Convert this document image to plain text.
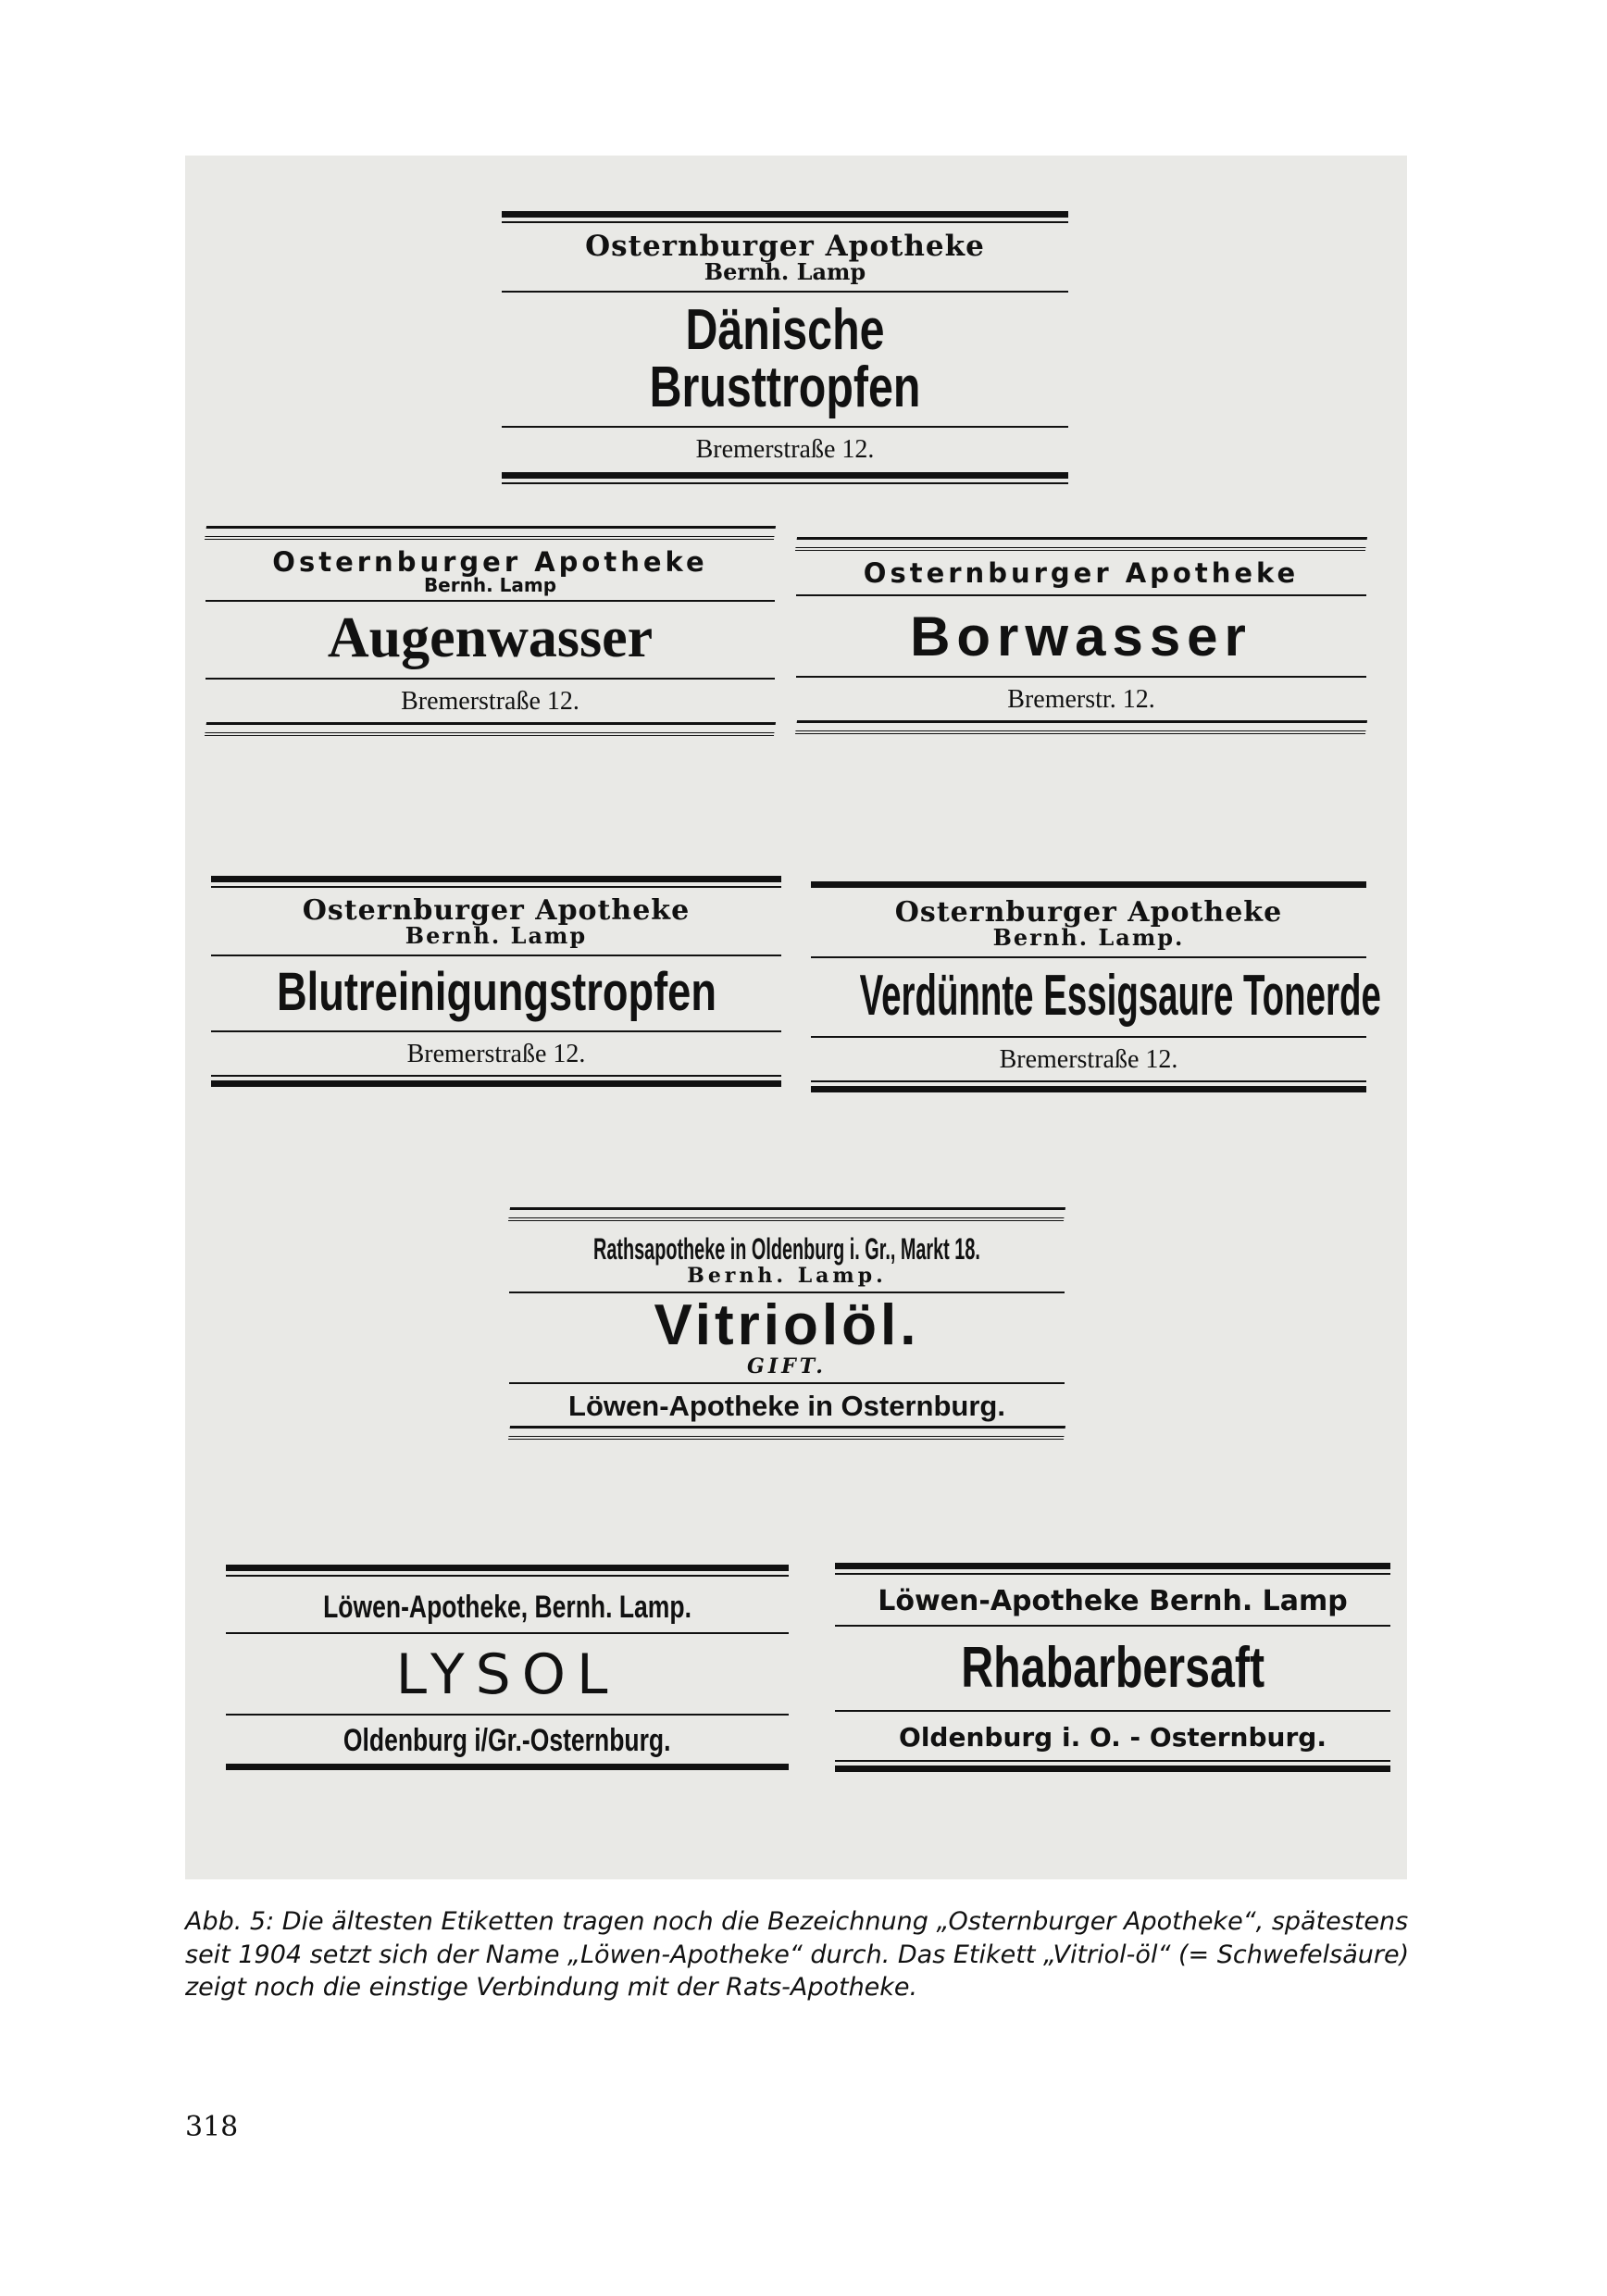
Osternburger Apotheke
Bernh. Lamp
Dänische Brusttropfen
Bremerstraße 12.
Osternburger Apotheke
Bernh. Lamp
Augenwasser
Bremerstraße 12.
Osternburger Apotheke
Borwasser
Bremerstr. 12.
Osternburger Apotheke
Bernh. Lamp
Blutreinigungstropfen
Bremerstraße 12.
Osternburger Apotheke
Bernh. Lamp.
Verdünnte Essigsaure Tonerde
Bremerstraße 12.
Rathsapotheke in Oldenburg i. Gr., Markt 18.
Bernh. Lamp.
Vitriolöl.
GIFT.
Löwen-Apotheke in Osternburg.
Löwen-Apotheke, Bernh. Lamp.
LYSOL
Oldenburg i/Gr.-Osternburg.
Löwen-Apotheke Bernh. Lamp
Rhabarbersaft
Oldenburg i. O. - Osternburg.
Abb. 5: Die ältesten Etiketten tragen noch die Bezeichnung „Osternburger Apotheke“, spätestens seit 1904 setzt sich der Name „Löwen-Apotheke“ durch. Das Etikett „Vitriol-öl“ (= Schwefelsäure) zeigt noch die einstige Verbindung mit der Rats-Apotheke.
318
